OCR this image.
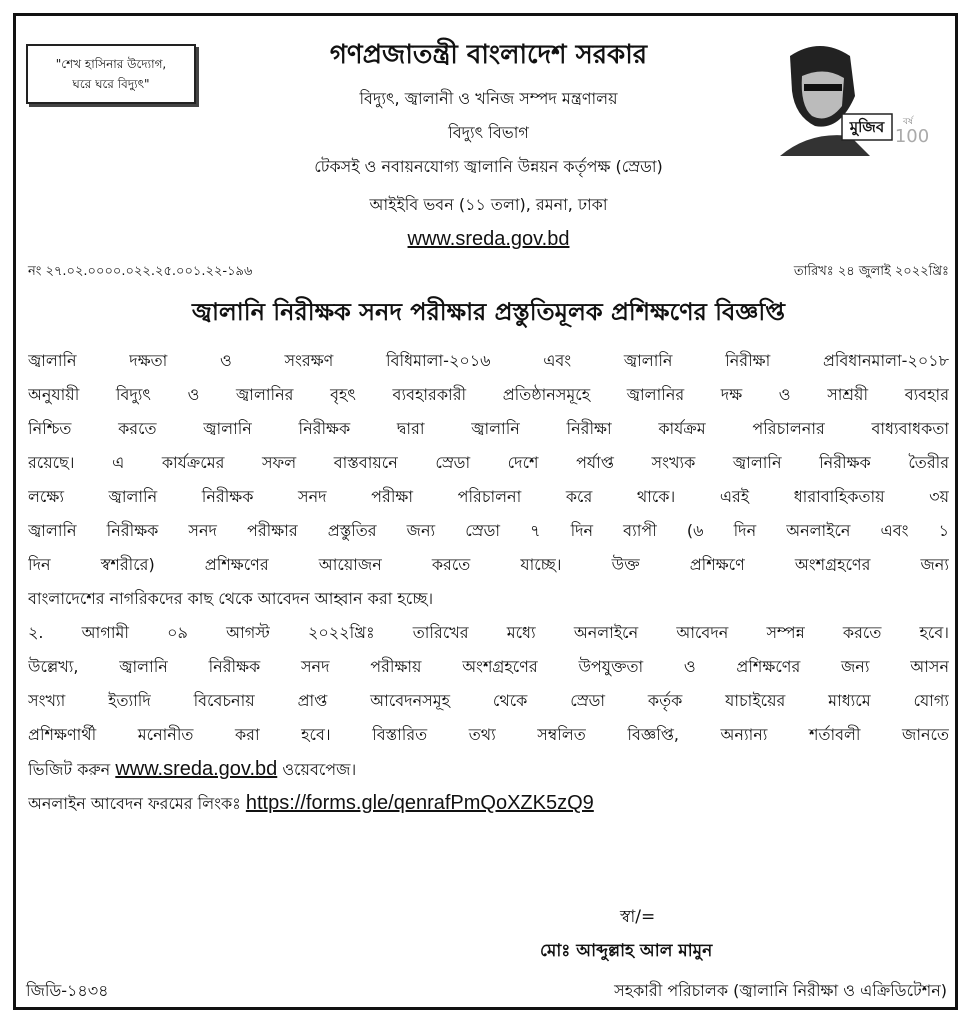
"শেখ হাসিনার উদ্যোগ,
ঘরে ঘরে বিদ্যুৎ"
মুজিব বর্ষ
100
গণপ্রজাতন্ত্রী বাংলাদেশ সরকার
বিদ্যুৎ, জ্বালানী ও খনিজ সম্পদ মন্ত্রণালয়
বিদ্যুৎ বিভাগ
টেকসই ও নবায়নযোগ্য জ্বালানি উন্নয়ন কর্তৃপক্ষ (স্রেডা)
আইইবি ভবন (১১ তলা), রমনা, ঢাকা
www.sreda.gov.bd
নং ২৭.০২.০০০০.০২২.২৫.০০১.২২-১৯৬	তারিখঃ ২৪ জুলাই ২০২২খ্রিঃ
জ্বালানি নিরীক্ষক সনদ পরীক্ষার প্রস্তুতিমূলক প্রশিক্ষণের বিজ্ঞপ্তি
জ্বালানি দক্ষতা ও সংরক্ষণ বিধিমালা-২০১৬ এবং জ্বালানি নিরীক্ষা প্রবিধানমালা-২০১৮
অনুযায়ী বিদ্যুৎ ও জ্বালানির বৃহৎ ব্যবহারকারী প্রতিষ্ঠানসমূহে জ্বালানির দক্ষ ও সাশ্রয়ী ব্যবহার
নিশ্চিত করতে জ্বালানি নিরীক্ষক দ্বারা জ্বালানি নিরীক্ষা কার্যক্রম পরিচালনার বাধ্যবাধকতা
রয়েছে। এ কার্যক্রমের সফল বাস্তবায়নে স্রেডা দেশে পর্যাপ্ত সংখ্যক জ্বালানি নিরীক্ষক তৈরীর
লক্ষ্যে জ্বালানি নিরীক্ষক সনদ পরীক্ষা পরিচালনা করে থাকে। এরই ধারাবাহিকতায় ৩য়
জ্বালানি নিরীক্ষক সনদ পরীক্ষার প্রস্তুতির জন্য স্রেডা ৭ দিন ব্যাপী (৬ দিন অনলাইনে এবং ১
দিন স্বশরীরে) প্রশিক্ষণের আয়োজন করতে যাচ্ছে। উক্ত প্রশিক্ষণে অংশগ্রহণের জন্য
বাংলাদেশের নাগরিকদের কাছ থেকে আবেদন আহ্বান করা হচ্ছে।
২. আগামী ০৯ আগস্ট ২০২২খ্রিঃ তারিখের মধ্যে অনলাইনে আবেদন সম্পন্ন করতে হবে।
উল্লেখ্য, জ্বালানি নিরীক্ষক সনদ পরীক্ষায় অংশগ্রহণের উপযুক্ততা ও প্রশিক্ষণের জন্য আসন
সংখ্যা ইত্যাদি বিবেচনায় প্রাপ্ত আবেদনসমূহ থেকে স্রেডা কর্তৃক যাচাইয়ের মাধ্যমে যোগ্য
প্রশিক্ষণার্থী মনোনীত করা হবে। বিস্তারিত তথ্য সম্বলিত বিজ্ঞপ্তি, অন্যান্য শর্তাবলী জানতে
ভিজিট করুন www.sreda.gov.bd ওয়েবপেজ।
অনলাইন আবেদন ফরমের লিংকঃ https://forms.gle/qenrafPmQoXZK5zQ9
স্বা/=
মোঃ আব্দুল্লাহ আল মামুন
জিডি-১৪৩৪	সহকারী পরিচালক (জ্বালানি নিরীক্ষা ও এক্রিডিটেশন)
